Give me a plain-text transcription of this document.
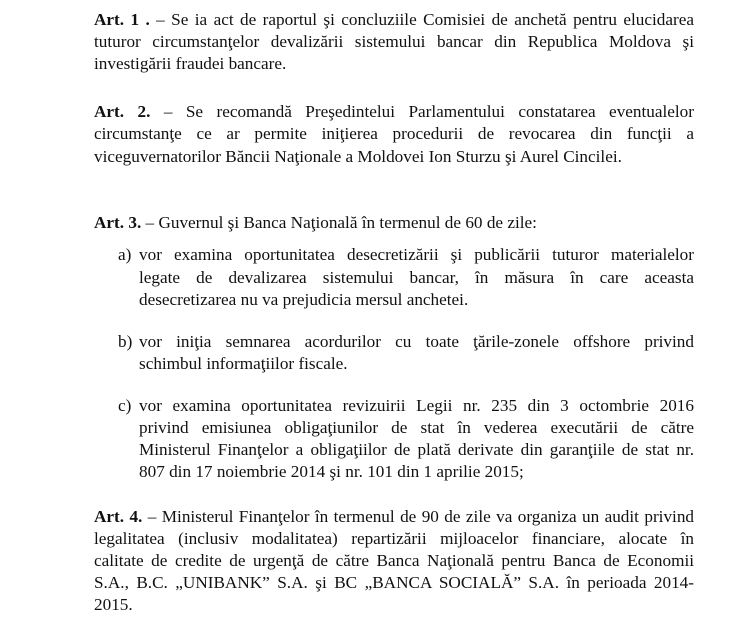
Art. 1 . – Se ia act de raportul şi concluziile Comisiei de anchetă pentru elucidarea
tuturor circumstanţelor devalizării sistemului bancar din Republica Moldova şi
investigării fraudei bancare.
Art. 2. – Se recomandă Preşedintelui Parlamentului constatarea eventualelor
circumstanţe ce ar permite iniţierea procedurii de revocarea din funcţii a
viceguvernatorilor Băncii Naţionale a Moldovei Ion Sturzu şi Aurel Cincilei.
Art. 3. – Guvernul şi Banca Naţională în termenul de 60 de zile:
a) vor examina oportunitatea desecretizării şi publicării tuturor materialelor
legate de devalizarea sistemului bancar, în măsura în care aceasta
desecretizarea nu va prejudicia mersul anchetei.
b) vor iniţia semnarea acordurilor cu toate ţările-zonele offshore privind
schimbul informaţiilor fiscale.
c) vor examina oportunitatea revizuirii Legii nr. 235 din 3 octombrie 2016
privind emisiunea obligaţiunilor de stat în vederea executării de către
Ministerul Finanţelor a obligaţiilor de plată derivate din garanţiile de stat nr.
807 din 17 noiembrie 2014 şi nr. 101 din 1 aprilie 2015;
Art. 4. – Ministerul Finanţelor în termenul de 90 de zile va organiza un audit privind
legalitatea (inclusiv modalitatea) repartizării mijloacelor financiare, alocate în
calitate de credite de urgenţă de către Banca Naţională pentru Banca de Economii
S.A., B.C. „UNIBANK” S.A. şi BC „BANCA SOCIALĂ” S.A. în perioada 2014-
2015.
